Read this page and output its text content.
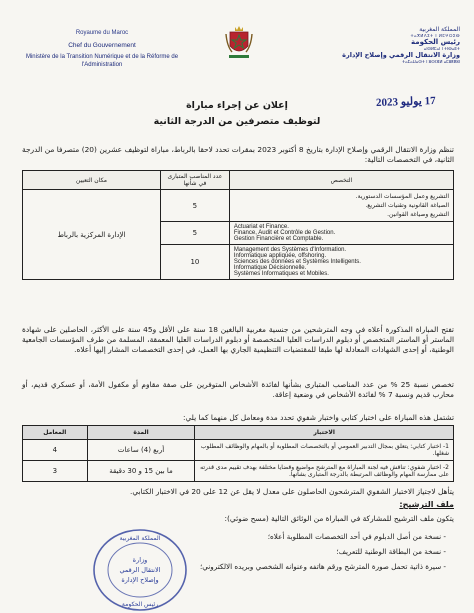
Royaume du Maroc
Chef du Gouvernement
Ministère de la Transition Numérique et de la Réforme de l'Administration
المملكة المغربية
ⵜⴰⴳⵍⴷⵉⵜ ⵏ ⵍⵎⵖⵔⵉⴱ
رئيس الحكومة
ⴰⵏⵙⵍⵎⴰⵏ ⵏ ⵜⵏⴱⴰⴹⵜ
وزارة الانتقال الرقمي وإصلاح الإدارة
ⵜⴰⵎⴰⵡⴰⵙⵜ ⵏ ⵓⵙⵏⴼⵍ ⴰⵎⵓⵟⵟⵓⵏ
17 يوليو 2023
إعلان عن إجراء مباراة
لتوظيف متصرفين من الدرجة الثانية
تنظم وزارة الانتقال الرقمي وإصلاح الإدارة بتاريخ 8 أكتوبر 2023 بمقرات تحدد لاحقا بالرباط، مباراة لتوظيف عشرين (20) متصرفا من الدرجة الثانية، في التخصصات التالية:
التخصص	عدد المناصب المتبارى في شأنها	مكان التعيين

التشريع وعمل المؤسسات الدستورية.
الصياغة القانونية وتقنيات التشريع.
التشريع وصياغة القوانين.	5	الإدارة المركزية بالرباط

Actuariat et Finance.
Finance, Audit et Contrôle de Gestion.
Gestion Financière et Comptable.	5	

Management des Systèmes d'Information.
Informatique appliquée, offshoring.
Sciences des données et Systèmes Intelligents.
Informatique Décisionnelle.
Systèmes Informatiques et Mobiles.	10	
تفتح المباراة المذكورة أعلاه في وجه المترشحين من جنسية مغربية البالغين 18 سنة على الأقل و45 سنة على الأكثر، الحاصلين على شهادة الماستر أو الماستر المتخصص أو دبلوم الدراسات العليا المتخصصة أو دبلوم الدراسات العليا المعمقة، المسلمة من طرف المؤسسات الجامعية الوطنية، أو إحدى الشهادات المعادلة لها طبقا للمقتضيات التنظيمية الجاري بها العمل، في إحدى التخصصات المشار إليها أعلاه.
تخصص نسبة 25 % من عدد المناصب المتبارى بشأنها لفائدة الأشخاص المتوفرين على صفة مقاوم أو مكفول الأمة، أو عسكري قديم، أو محارب قديم ونسبة 7 % لفائدة الأشخاص في وضعية إعاقة.
تشتمل هذه المباراة على اختبار كتابي واختبار شفوي تحدد مدة ومعامل كل منهما كما يلي:
الاختبار	المدة	المعامل
1- اختبار كتابي: يتعلق بمجال التدبير العمومي أو بالتخصصات المطلوبة أو بالمهام والوظائف المطلوب شغلها.	أربع (4) ساعات	4
2- اختبار شفوي: تناقش فيه لجنة المباراة مع المترشح مواضيع وقضايا مختلفة بهدف تقييم مدى قدرته على ممارسة المهام والوظائف المرتبطة بالدرجة المتبارى بشأنها.	ما بين 15 و 30 دقيقة	3
يتأهل لاجتياز الاختبار الشفوي المترشحون الحاصلون على معدل لا يقل عن 12 على 20 في الاختبار الكتابي.
ملف الترشيح:
يتكون ملف الترشيح للمشاركة في المباراة من الوثائق التالية (مسح ضوئي):
- نسخة من أصل الدبلوم في أحد التخصصات المطلوبة أعلاه؛
- نسخة من البطاقة الوطنية للتعريف؛
- سيرة ذاتية تحمل صورة المترشح ورقم هاتفه وعنوانه الشخصي وبريده الالكتروني؛
المملكة المغربية
وزارة
الانتقال الرقمي
وإصلاح الإدارة
رئيس الحكومة
